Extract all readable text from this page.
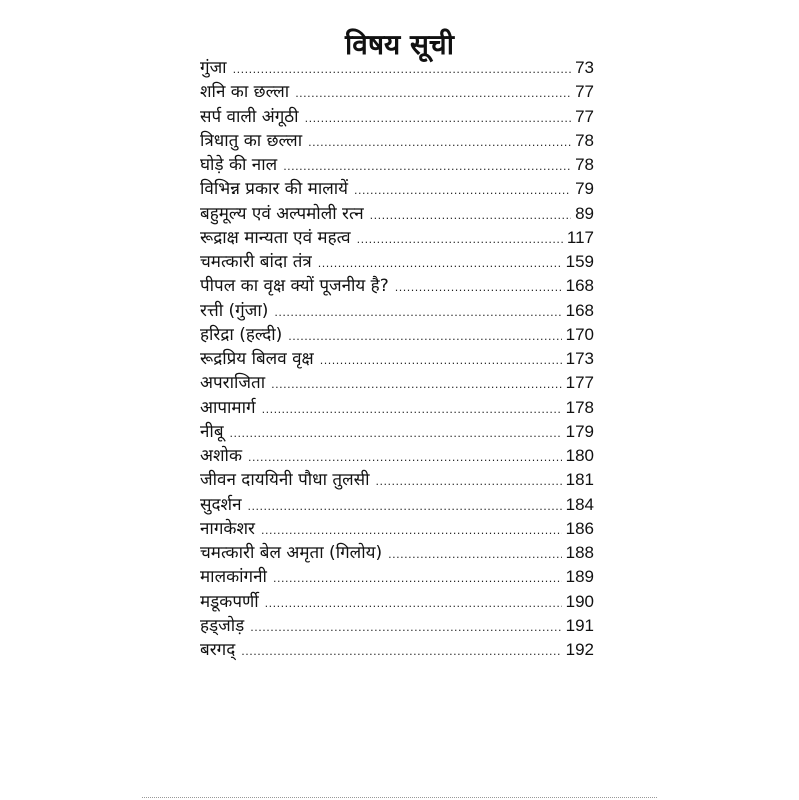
विषय सूची
गुंजा .....	73
शनि का छल्ला .....	77
सर्प वाली अंगूठी .....	77
त्रिधातु का छल्ला .....	78
घोड़े की नाल .....	78
विभिन्न प्रकार की मालायें .....	79
बहुमूल्य एवं अल्पमोली रत्न .....	89
रूद्राक्ष मान्यता एवं महत्व .....	117
चमत्कारी बांदा तंत्र .....	159
पीपल का वृक्ष क्यों पूजनीय है? .....	168
रत्ती (गुंजा) .....	168
हरिद्रा (हल्दी) .....	170
रूद्रप्रिय बिलव वृक्ष .....	173
अपराजिता .....	177
आपामार्ग .....	178
नीबू .....	179
अशोक .....	180
जीवन दाययिनी पौधा तुलसी .....	181
सुदर्शन .....	184
नागकेशर .....	186
चमत्कारी बेल अमृता (गिलोय) .....	188
मालकांगनी .....	189
मडूकपर्णी .....	190
हड्जोड़ .....	191
बरगद् .....	192
